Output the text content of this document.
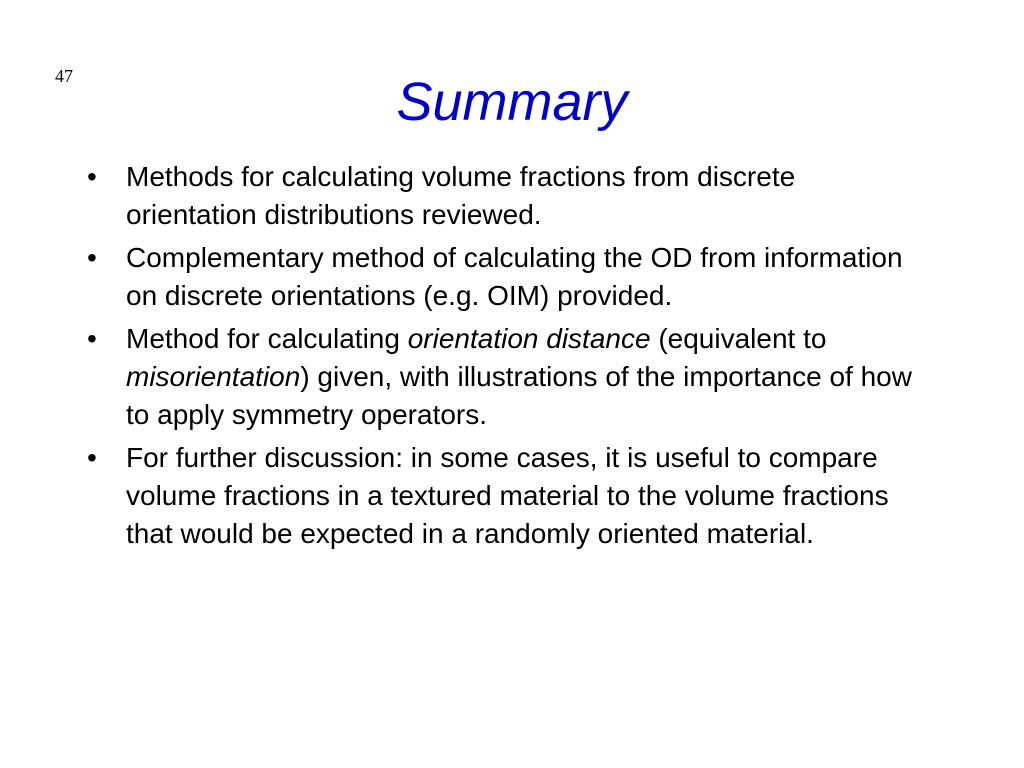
47	Summary
• Methods for calculating volume fractions from discrete orientation distributions reviewed.
• Complementary method of calculating the OD from information on discrete orientations (e.g. OIM) provided.
• Method for calculating orientation distance (equivalent to misorientation) given, with illustrations of the importance of how to apply symmetry operators.
• For further discussion: in some cases, it is useful to compare volume fractions in a textured material to the volume fractions that would be expected in a randomly oriented material.
